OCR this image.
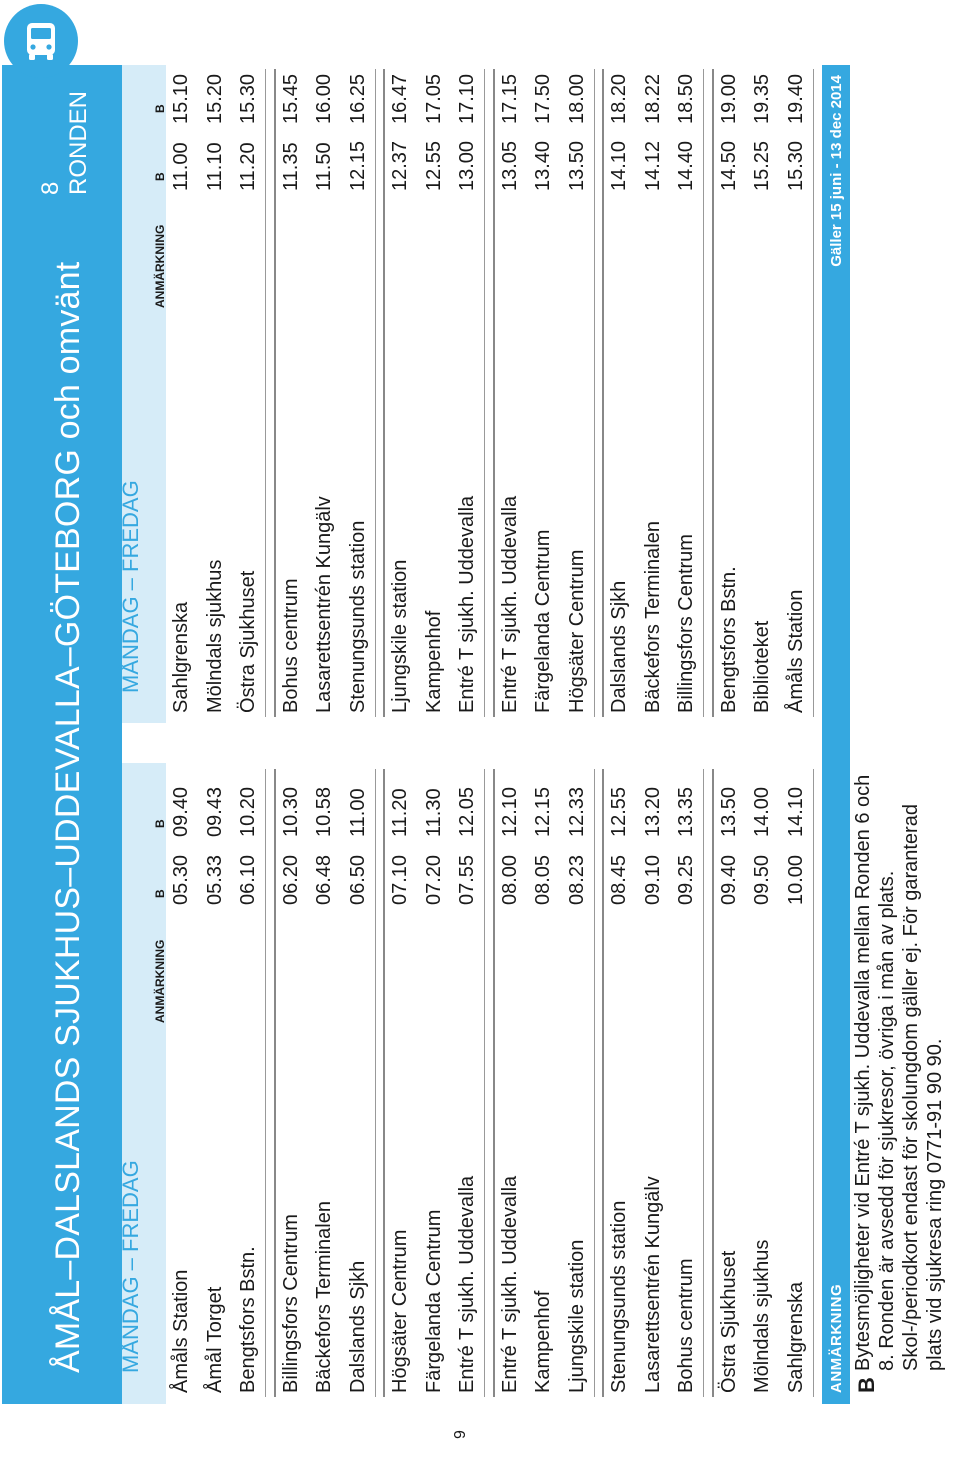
9
8 RONDEN
ÅMÅL–DALSLANDS SJUKHUS–UDDEVALLA–GÖTEBORG och omvänt	MÅNDAG – FREDAG
ANMÄRKNING
B
B
Åmåls Station
05.30
09.40
Åmål Torget
05.33
09.43
Bengtsfors Bstn.
06.10
10.20
Billingsfors Centrum
06.20
10.30
Bäckefors Terminalen
06.48
10.58
Dalslands Sjkh
06.50
11.00
Högsäter Centrum
07.10
11.20
Färgelanda Centrum
07.20
11.30
Entré T sjukh. Uddevalla
07.55
12.05
Entré T sjukh. Uddevalla
08.00
12.10
Kampenhof
08.05
12.15
Ljungskile station
08.23
12.33
Stenungsunds station
08.45
12.55
Lasarettsentrén Kungälv
09.10
13.20
Bohus centrum
09.25
13.35
Östra Sjukhuset
09.40
13.50
Mölndals sjukhus
09.50
14.00
Sahlgrenska
10.00
14.10
MÅNDAG – FREDAG
ANMÄRKNING
B
B
Sahlgrenska
11.00
15.10
Mölndals sjukhus
11.10
15.20
Östra Sjukhuset
11.20
15.30
Bohus centrum
11.35
15.45
Lasarettsentrén Kungälv
11.50
16.00
Stenungsunds station
12.15
16.25
Ljungskile station
12.37
16.47
Kampenhof
12.55
17.05
Entré T sjukh. Uddevalla
13.00
17.10
Entré T sjukh. Uddevalla
13.05
17.15
Färgelanda Centrum
13.40
17.50
Högsäter Centrum
13.50
18.00
Dalslands Sjkh
14.10
18.20
Bäckefors Terminalen
14.12
18.22
Billingsfors Centrum
14.40
18.50
Bengtsfors Bstn.
14.50
19.00
Biblioteket
15.25
19.35
Åmåls Station
15.30
19.40
ANMÄRKNING
Gäller 15 juni - 13 dec 2014
B
Bytesmöjligheter vid Entré T sjukh. Uddevalla mellan Ronden 6 och 8. Ronden är avsedd för sjukresor, övriga i mån av plats. Skol-/periodkort endast för skolungdom gäller ej. För garanterad plats vid sjukresa ring 0771-91 90 90.
